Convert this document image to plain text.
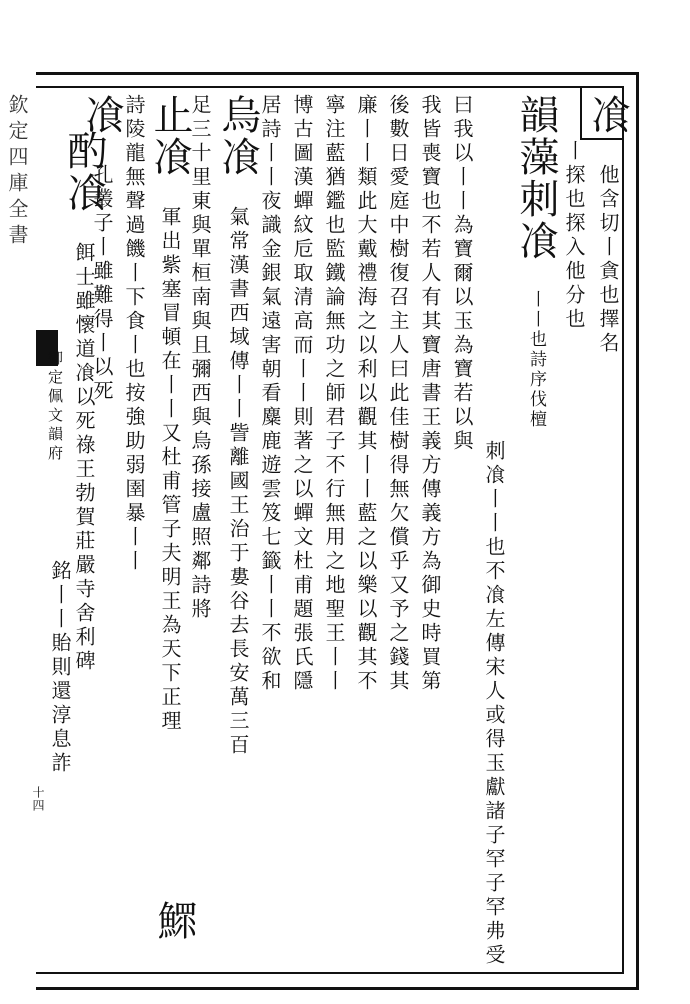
欽定四庫全書
御定佩文韻府
十四
飡 他含切丨貪也擇名
丨探也探入他分也
韻藻刺飡 丨丨也詩序伐檀
刺飡丨丨也不飡左傳宋人或得玉獻諸子罕子罕弗受
曰我以丨丨為寶爾以玉為寶若以與
我皆喪寶也不若人有其寶唐書王義方傳義方為御史時買第
後數日愛庭中樹復召主人曰此佳樹得無欠償乎又予之錢其
廉丨丨類此大戴禮海之以利以觀其丨丨藍之以樂以觀其不
寧注藍猶鑑也監鐵論無功之師君子不行無用之地聖王丨丨
博古圖漢蟬紋卮取清高而丨丨則著之以蟬文杜甫題張氏隱
居詩丨丨夜識金銀氣遠害朝看麋鹿遊雲笈七籤丨丨不欲和
烏飡 氣常漢書西域傳丨丨訾離國王治于婁谷去長安萬三百
足三十里東與單桓南與且彌西與烏孫接盧照鄰詩將
止飡 軍出紫塞冒頓在丨丨又杜甫管子夫明王為天下正理
詩陵龍無聲過饑丨下食丨也按強助弱圉暴丨丨
飡 孔叢子丨雖難得丨以死
酌飡 餌士雖懷道飡以死祿王勃賀莊嚴寺舍利碑
銘丨丨貽則還淳息詐
鰥
